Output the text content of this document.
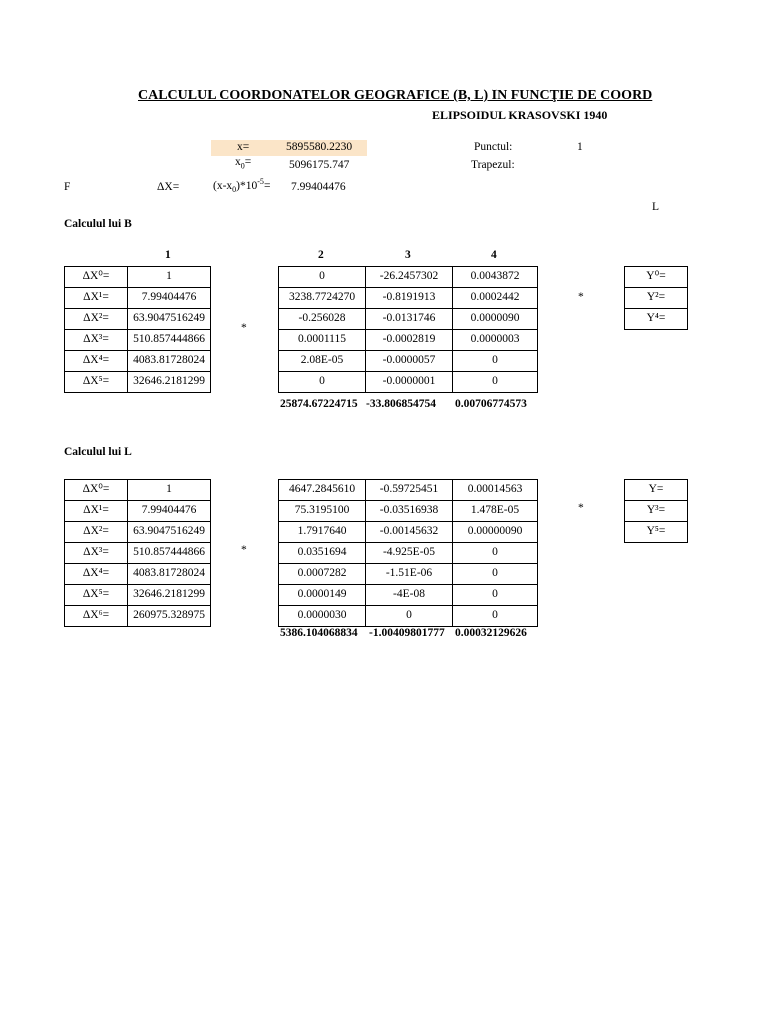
CALCULUL COORDONATELOR GEOGRAFICE (B, L) ÎN FUNCŢIE DE COORD
ELIPSOIDUL KRASOVSKI 1940
x=	5895580.2230
$x_0=$	5096175.747
Punctul:	1
Trapezul:
F	ΔX=	$(x-x_0)*10^{-5}= 7.99404476$
L
Calculul lui B
1	2	3	4
ΔX⁰=	1
ΔX¹=	7.99404476
ΔX²=	63.9047516249
ΔX³=	510.857444866
ΔX⁴=	4083.81728024
ΔX⁵=	32646.2181299
*
0	-26.2457302	0.0043872
3238.7724270	-0.8191913	0.0002442
-0.256028	-0.0131746	0.0000090
0.0001115	-0.0002819	0.0000003
2.08E-05	-0.0000057	0
0	-0.0000001	0
25874.67224715 -33.806854754 0.00706774573
*
Y⁰=
Y²=
Y⁴=
Calculul lui L
ΔX⁰=	1
ΔX¹=	7.99404476
ΔX²=	63.9047516249
ΔX³=	510.857444866
ΔX⁴=	4083.81728024
ΔX⁵=	32646.2181299
ΔX⁶=	260975.328975
*
4647.2845610	-0.59725451	0.00014563
75.3195100	-0.03516938	1.478E-05
1.7917640	-0.00145632	0.00000090
0.0351694	-4.925E-05	0
0.0007282	-1.51E-06	0
0.0000149	-4E-08	0
0.0000030	0	0
5386.104068834 -1.00409801777 0.00032129626
*
Y=
Y³=
Y⁵=
